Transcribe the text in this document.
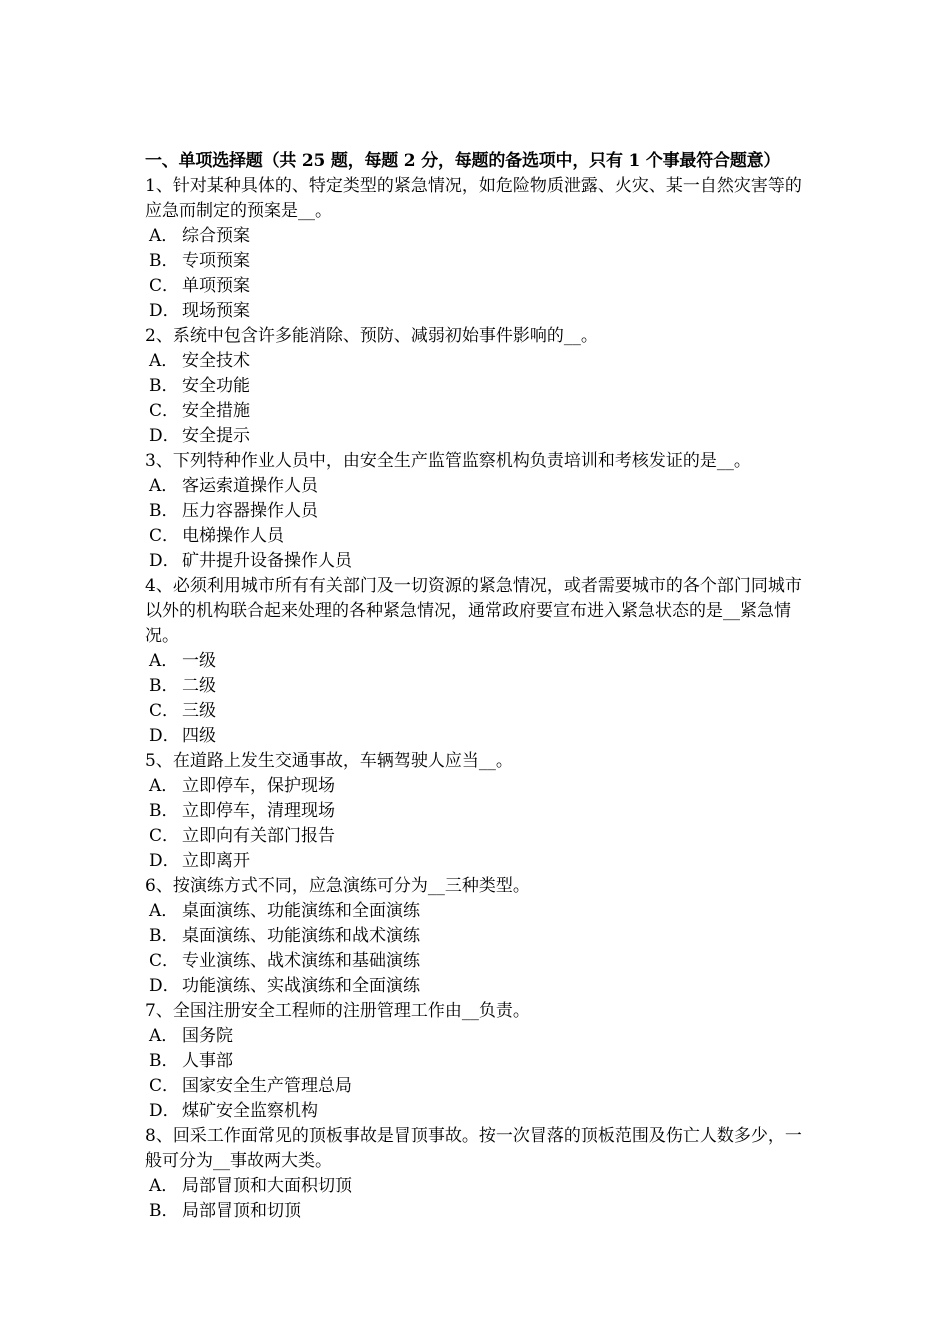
一、单项选择题（共 25 题，每题 2 分，每题的备选项中，只有 1 个事最符合题意）
1、针对某种具体的、特定类型的紧急情况，如危险物质泄露、火灾、某一自然灾害等的应急而制定的预案是__。
A． 综合预案
B． 专项预案
C． 单项预案
D． 现场预案
2、系统中包含许多能消除、预防、减弱初始事件影响的__。
A． 安全技术
B． 安全功能
C． 安全措施
D． 安全提示
3、下列特种作业人员中，由安全生产监管监察机构负责培训和考核发证的是__。
A． 客运索道操作人员
B． 压力容器操作人员
C． 电梯操作人员
D． 矿井提升设备操作人员
4、必须利用城市所有有关部门及一切资源的紧急情况，或者需要城市的各个部门同城市以外的机构联合起来处理的各种紧急情况，通常政府要宣布进入紧急状态的是__紧急情况。
A． 一级
B． 二级
C． 三级
D． 四级
5、在道路上发生交通事故，车辆驾驶人应当__。
A． 立即停车，保护现场
B． 立即停车，清理现场
C． 立即向有关部门报告
D． 立即离开
6、按演练方式不同，应急演练可分为__三种类型。
A． 桌面演练、功能演练和全面演练
B． 桌面演练、功能演练和战术演练
C． 专业演练、战术演练和基础演练
D． 功能演练、实战演练和全面演练
7、全国注册安全工程师的注册管理工作由__负责。
A． 国务院
B． 人事部
C． 国家安全生产管理总局
D． 煤矿安全监察机构
8、回采工作面常见的顶板事故是冒顶事故。按一次冒落的顶板范围及伤亡人数多少，一般可分为__事故两大类。
A． 局部冒顶和大面积切顶
B． 局部冒顶和切顶
